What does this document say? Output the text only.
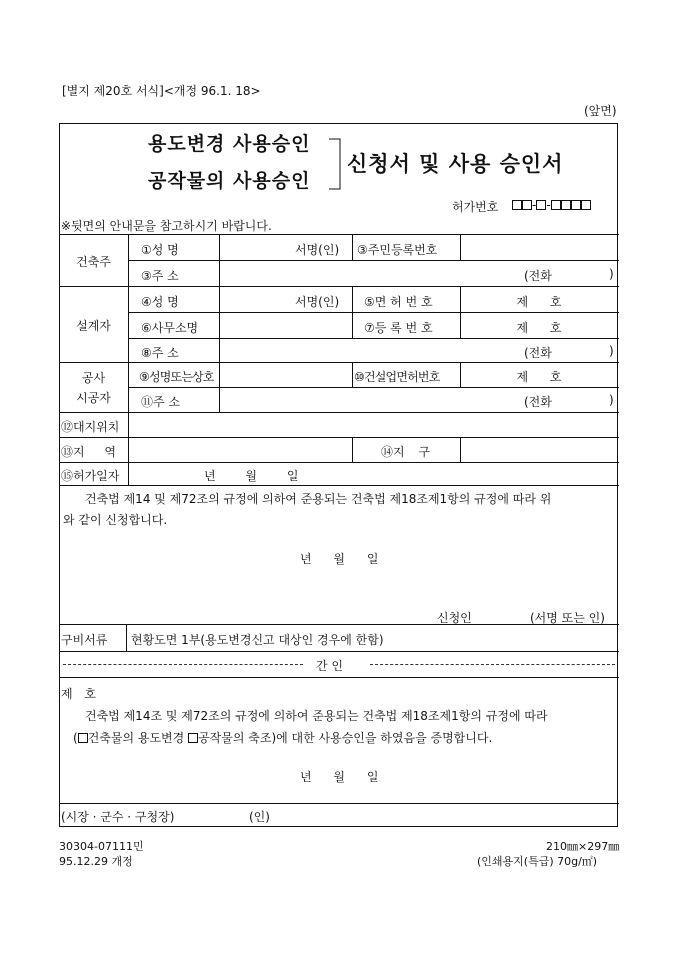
[별지 제20호 서식]<개정 96.1. 18>
(앞면)
용도변경 사용승인
공작물의 사용승인
신청서 및 사용 승인서
허가번호	- -
※뒷면의 안내문을 참고하시기 바랍니다.
건축주
①성 명	서명(인) ③주민등록번호
③주 소	(전화	)
설계자
④성 명	서명(인) ⑤면 허 번 호	제 호
⑥사무소명	⑦등 록 번 호	제 호
⑧주 소	(전화	)
공사
시공자
⑨성명또는상호	⑩건설업면허번호	제 호
⑪주 소	(전화	)
⑫대지위치
⑬지 역	⑭지 구
⑮허가일자	년 월 일
건축법 제14 및 제72조의 규정에 의하여 준용되는 건축법 제18조제1항의 규정에 따라 위
와 같이 신청합니다.
년 월 일
신청인	(서명 또는 인)
구비서류 현황도면 1부(용도변경신고 대상인 경우에 한함)
간 인
제 호
건축법 제14조 및 제72조의 규정에 의하여 준용되는 건축법 제18조제1항의 규정에 따라
( 건축물의 용도변경 공작물의 축조)에 대한 사용승인을 하였음을 증명합니다.
년 월 일
(시장 · 군수 · 구청장)	(인)
30304-07111민
95.12.29 개정
210㎜×297㎜
(인쇄용지(특급) 70g/㎡)
